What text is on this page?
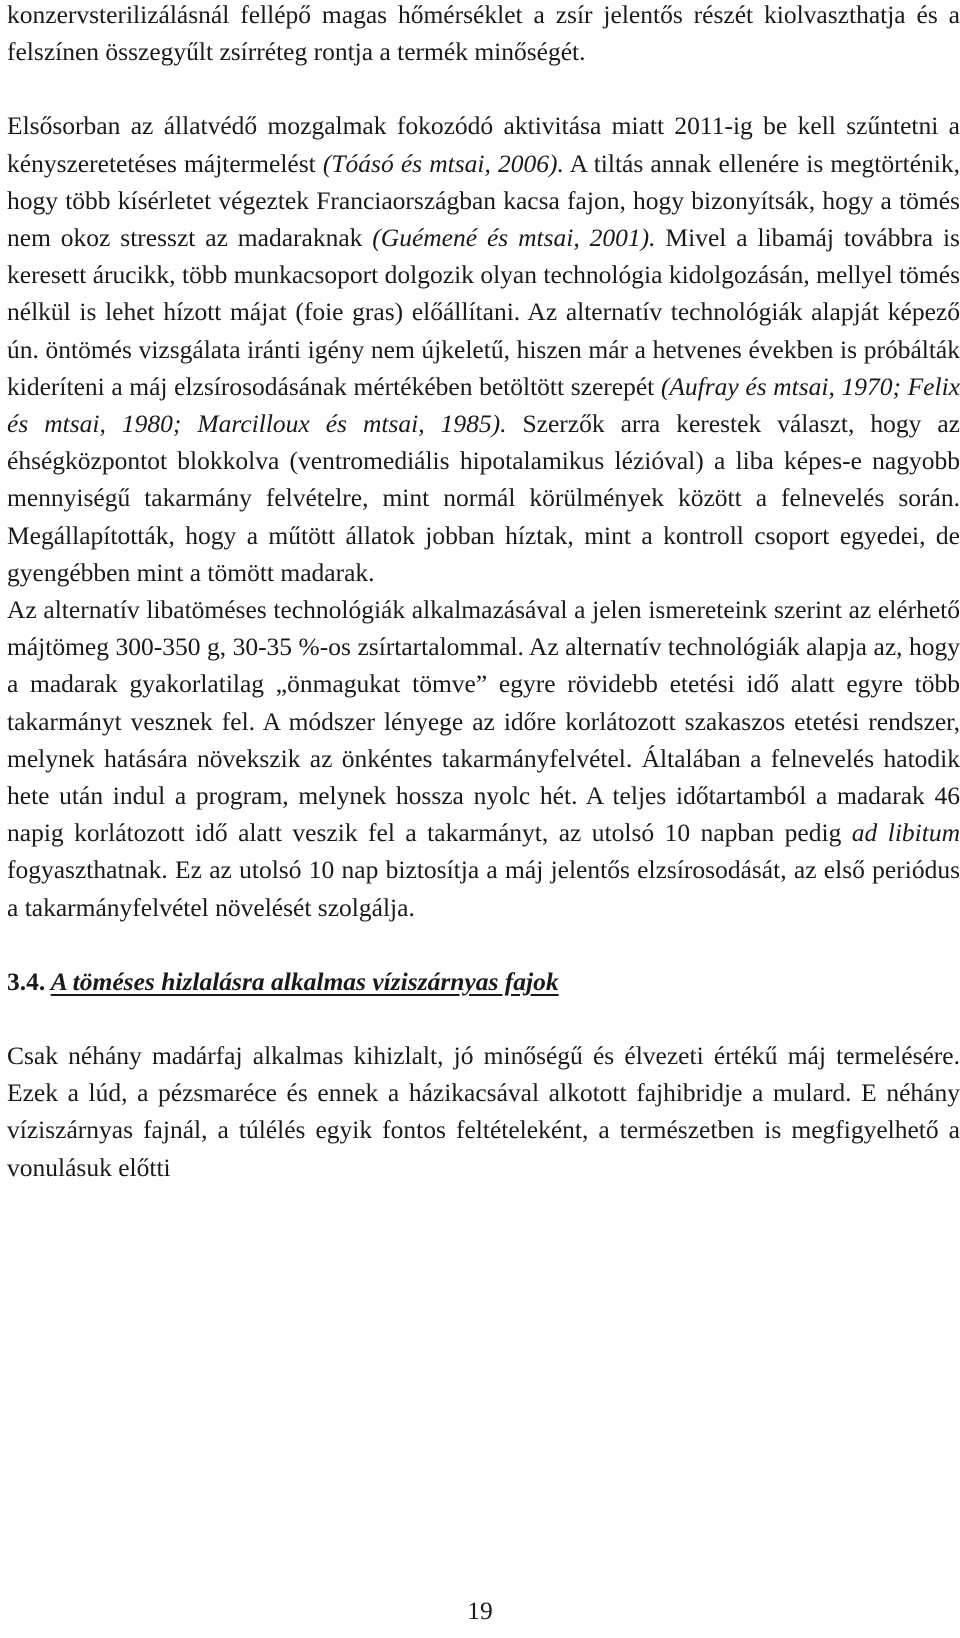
konzervsterilizálásnál fellépő magas hőmérséklet a zsír jelentős részét kiolvaszthatja és a felszínen összegyűlt zsírréteg rontja a termék minőségét.

Elsősorban az állatvédő mozgalmak fokozódó aktivitása miatt 2011-ig be kell szűntetni a kényszeretetéses májtermelést (Tóásó és mtsai, 2006). A tiltás annak ellenére is megtörténik, hogy több kísérletet végeztek Franciaországban kacsa fajon, hogy bizonyítsák, hogy a tömés nem okoz stresszt az madaraknak (Guémené és mtsai, 2001). Mivel a libamáj továbbra is keresett árucikk, több munkacsoport dolgozik olyan technológia kidolgozásán, mellyel tömés nélkül is lehet hízott májat (foie gras) előállítani. Az alternatív technológiák alapját képező ún. öntömés vizsgálata iránti igény nem újkeletű, hiszen már a hetvenes években is próbálták kideríteni a máj elzsírosodásának mértékében betöltött szerepét (Aufray és mtsai, 1970; Felix és mtsai, 1980; Marcilloux és mtsai, 1985). Szerzők arra kerestek választ, hogy az éhségközpontot blokkolva (ventromediális hipotalamikus lézióval) a liba képes-e nagyobb mennyiségű takarmány felvételre, mint normál körülmények között a felnevelés során. Megállapították, hogy a műtött állatok jobban híztak, mint a kontroll csoport egyedei, de gyengébben mint a tömött madarak.

Az alternatív libatöméses technológiák alkalmazásával a jelen ismereteink szerint az elérhető májtömeg 300-350 g, 30-35 %-os zsírtartalommal. Az alternatív technológiák alapja az, hogy a madarak gyakorlatilag „önmagukat tömve” egyre rövidebb etetési idő alatt egyre több takarmányt vesznek fel. A módszer lényege az időre korlátozott szakaszos etetési rendszer, melynek hatására növekszik az önkéntes takarmányfelvétel. Általában a felnevelés hatodik hete után indul a program, melynek hossza nyolc hét. A teljes időtartamból a madarak 46 napig korlátozott idő alatt veszik fel a takarmányt, az utolsó 10 napban pedig ad libitum fogyaszthatnak. Ez az utolsó 10 nap biztosítja a máj jelentős elzsírosodását, az első periódus a takarmányfelvétel növelését szolgálja.

3.4. A töméses hizlalásra alkalmas víziszárnyas fajok

Csak néhány madárfaj alkalmas kihizlalt, jó minőségű és élvezeti értékű máj termelésére. Ezek a lúd, a pézsmaréce és ennek a házikacsával alkotott fajhibridje a mulard. E néhány víziszárnyas fajnál, a túlélés egyik fontos feltételeként, a természetben is megfigyelhető a vonulásuk előtti

19
